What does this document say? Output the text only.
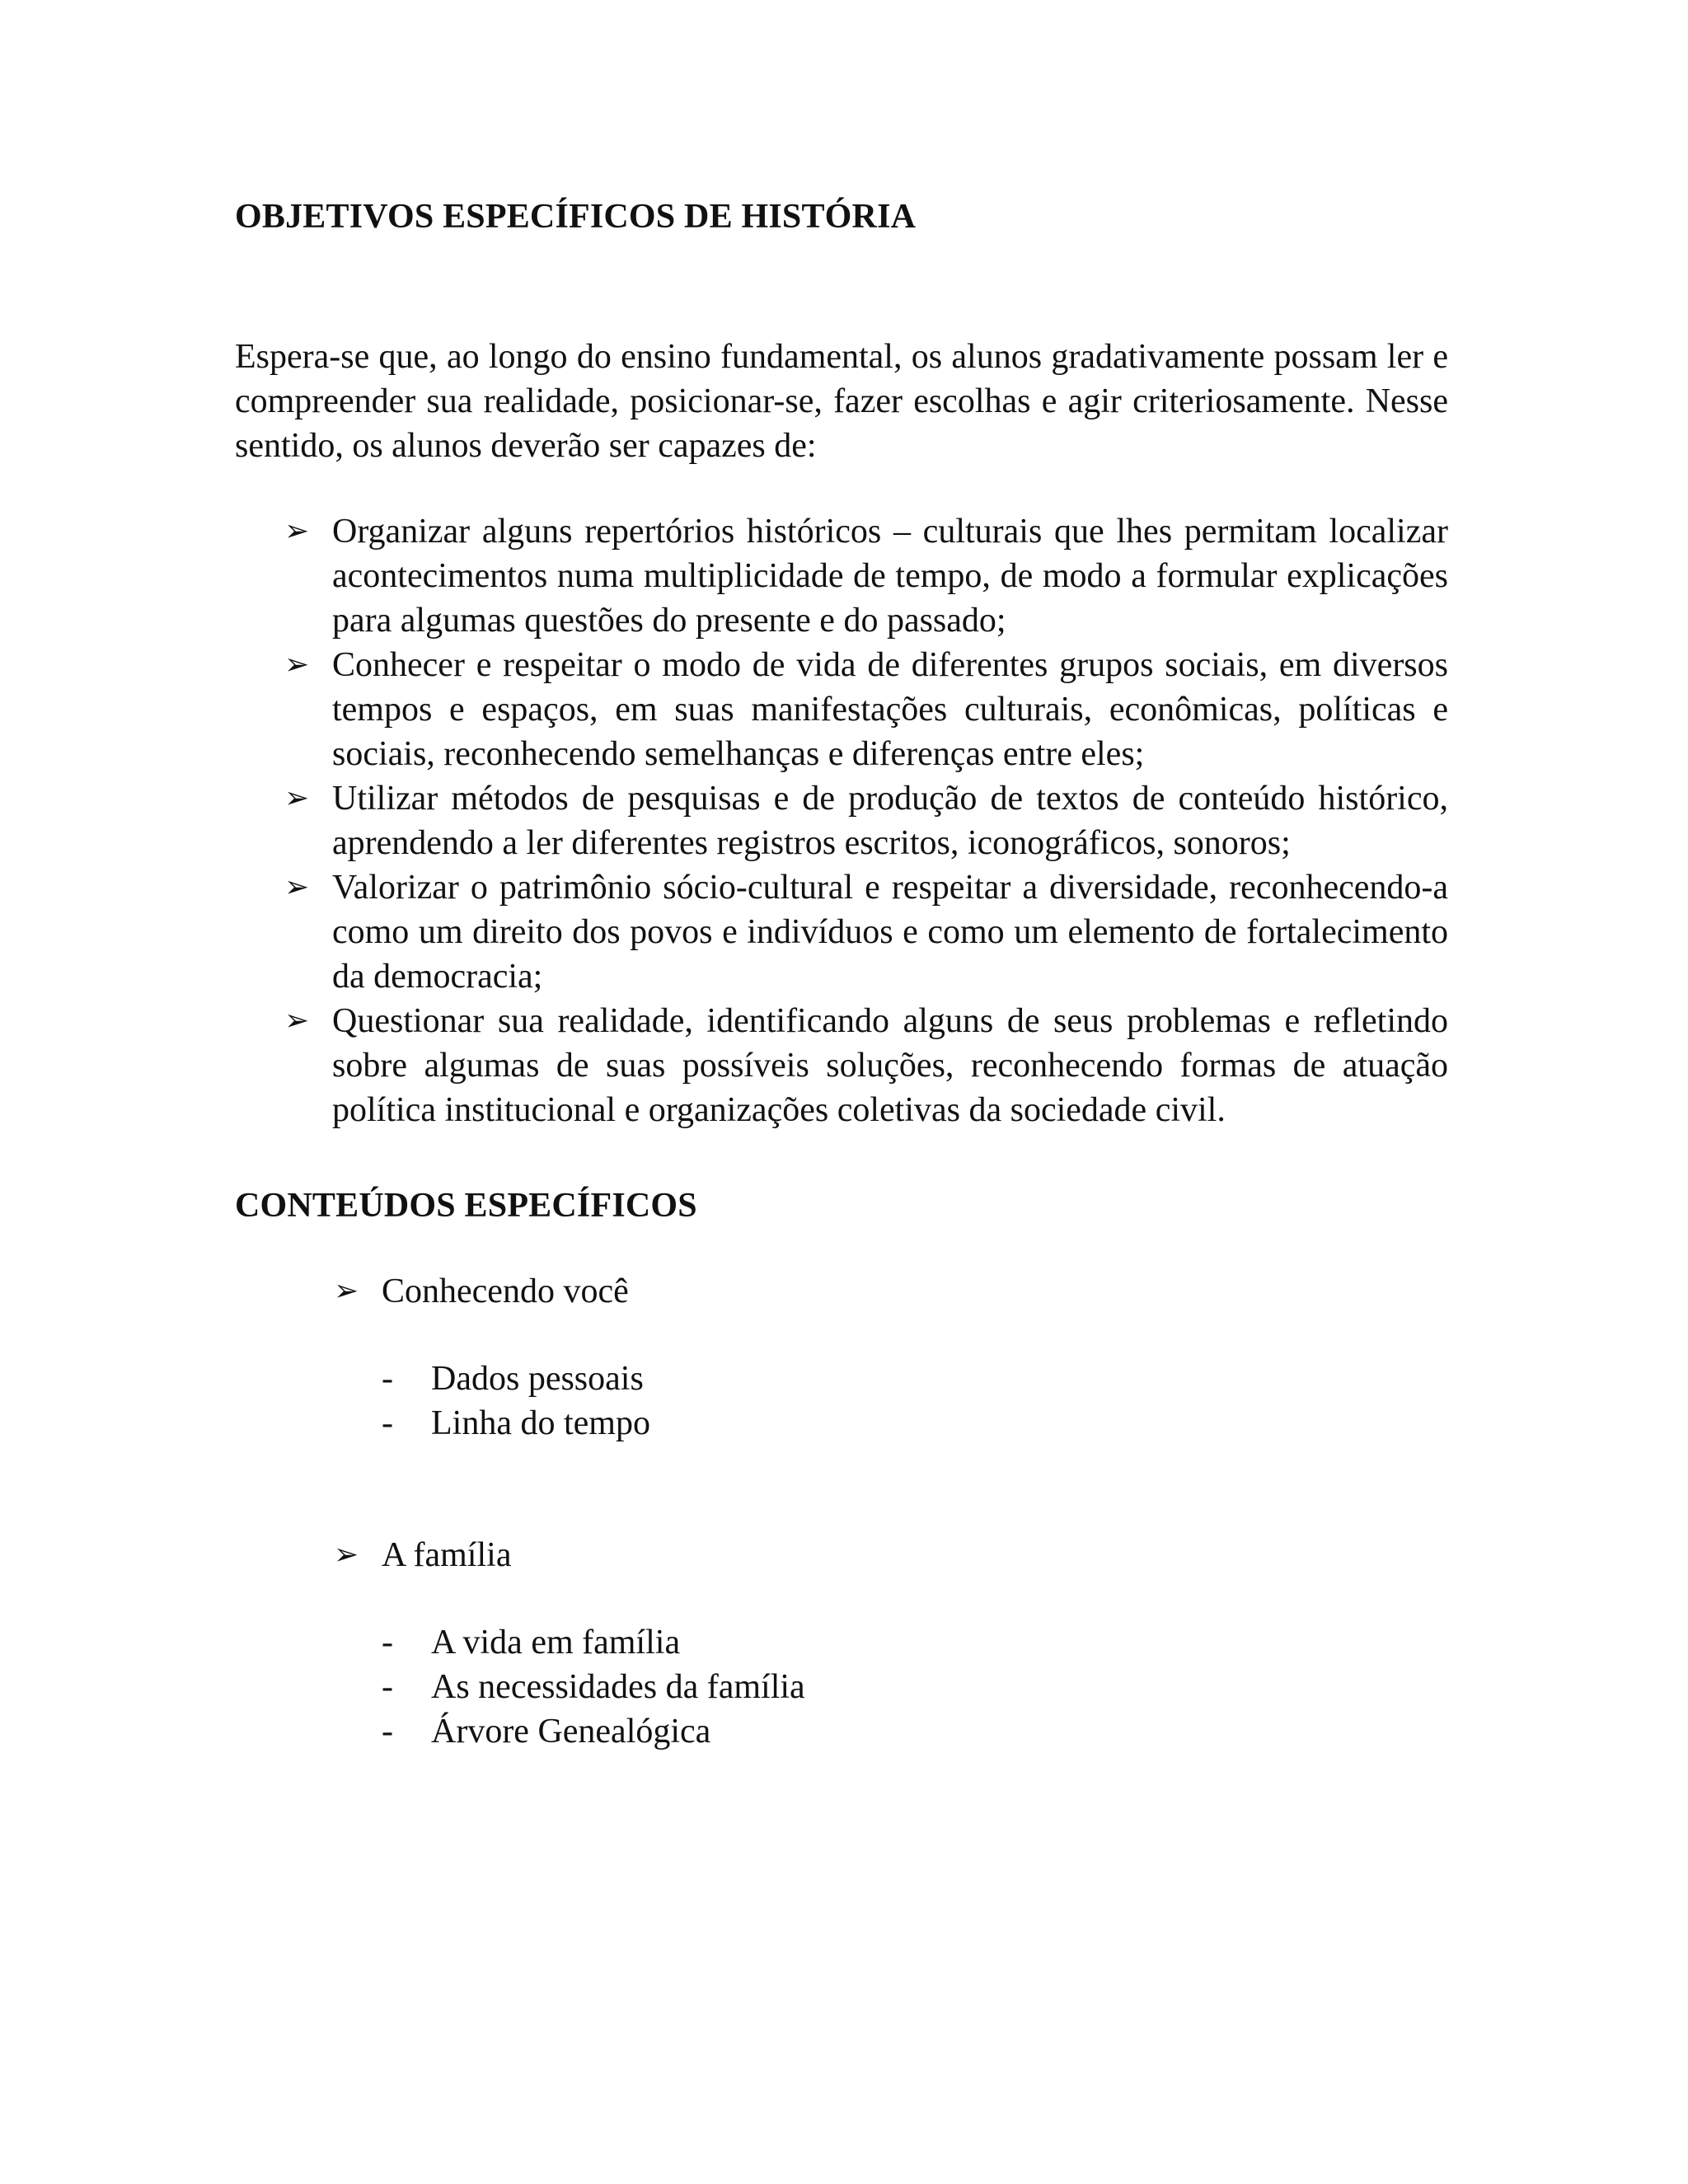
OBJETIVOS ESPECÍFICOS DE HISTÓRIA

Espera-se que, ao longo do ensino fundamental, os alunos gradativamente possam ler e compreender sua realidade, posicionar-se, fazer escolhas e agir criteriosamente. Nesse sentido, os alunos deverão ser capazes de:

➢ Organizar alguns repertórios históricos – culturais que lhes permitam localizar acontecimentos numa multiplicidade de tempo, de modo a formular explicações para algumas questões do presente e do passado;
➢ Conhecer e respeitar o modo de vida de diferentes grupos sociais, em diversos tempos e espaços, em suas manifestações culturais, econômicas, políticas e sociais, reconhecendo semelhanças e diferenças entre eles;
➢ Utilizar métodos de pesquisas e de produção de textos de conteúdo histórico, aprendendo a ler diferentes registros escritos, iconográficos, sonoros;
➢ Valorizar o patrimônio sócio-cultural e respeitar a diversidade, reconhecendo-a como um direito dos povos e indivíduos e como um elemento de fortalecimento da democracia;
➢ Questionar sua realidade, identificando alguns de seus problemas e refletindo sobre algumas de suas possíveis soluções, reconhecendo formas de atuação política institucional e organizações coletivas da sociedade civil.
CONTEÚDOS ESPECÍFICOS
➢ Conhecendo você
- Dados pessoais
- Linha do tempo
➢ A família
- A vida em família
- As necessidades da família
- Árvore Genealógica
